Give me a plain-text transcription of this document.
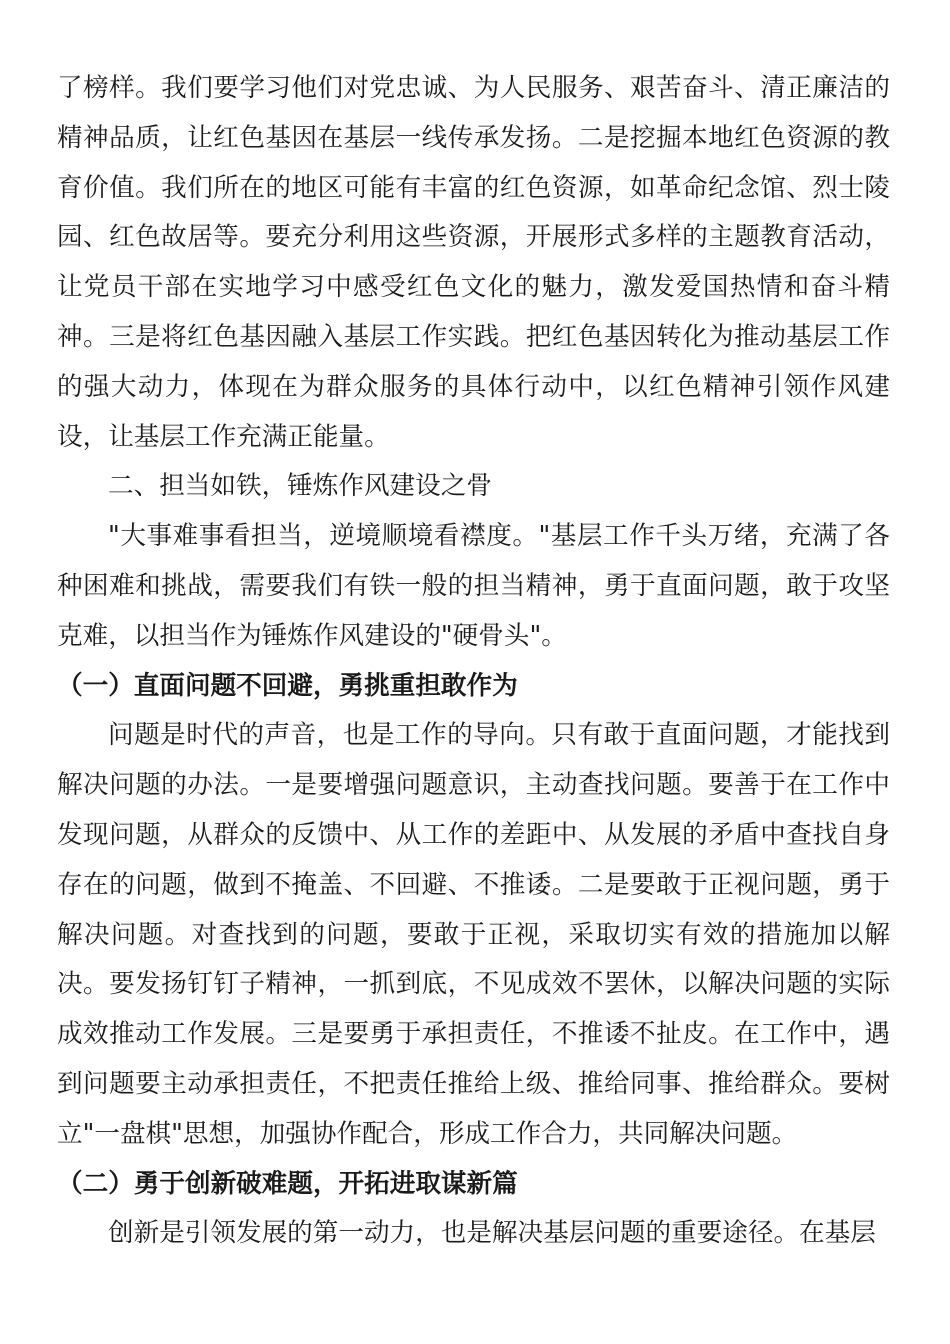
了榜样。我们要学习他们对党忠诚、为人民服务、艰苦奋斗、清正廉洁的精神品质，让红色基因在基层一线传承发扬。二是挖掘本地红色资源的教育价值。我们所在的地区可能有丰富的红色资源，如革命纪念馆、烈士陵园、红色故居等。要充分利用这些资源，开展形式多样的主题教育活动，让党员干部在实地学习中感受红色文化的魅力，激发爱国热情和奋斗精神。三是将红色基因融入基层工作实践。把红色基因转化为推动基层工作的强大动力，体现在为群众服务的具体行动中，以红色精神引领作风建设，让基层工作充满正能量。

二、担当如铁，锤炼作风建设之骨

"大事难事看担当，逆境顺境看襟度。"基层工作千头万绪，充满了各种困难和挑战，需要我们有铁一般的担当精神，勇于直面问题，敢于攻坚克难，以担当作为锤炼作风建设的"硬骨头"。

（一）直面问题不回避，勇挑重担敢作为

问题是时代的声音，也是工作的导向。只有敢于直面问题，才能找到解决问题的办法。一是要增强问题意识，主动查找问题。要善于在工作中发现问题，从群众的反馈中、从工作的差距中、从发展的矛盾中查找自身存在的问题，做到不掩盖、不回避、不推诿。二是要敢于正视问题，勇于解决问题。对查找到的问题，要敢于正视，采取切实有效的措施加以解决。要发扬钉钉子精神，一抓到底，不见成效不罢休，以解决问题的实际成效推动工作发展。三是要勇于承担责任，不推诿不扯皮。在工作中，遇到问题要主动承担责任，不把责任推给上级、推给同事、推给群众。要树立"一盘棋"思想，加强协作配合，形成工作合力，共同解决问题。

（二）勇于创新破难题，开拓进取谋新篇

创新是引领发展的第一动力，也是解决基层问题的重要途径。在基层
